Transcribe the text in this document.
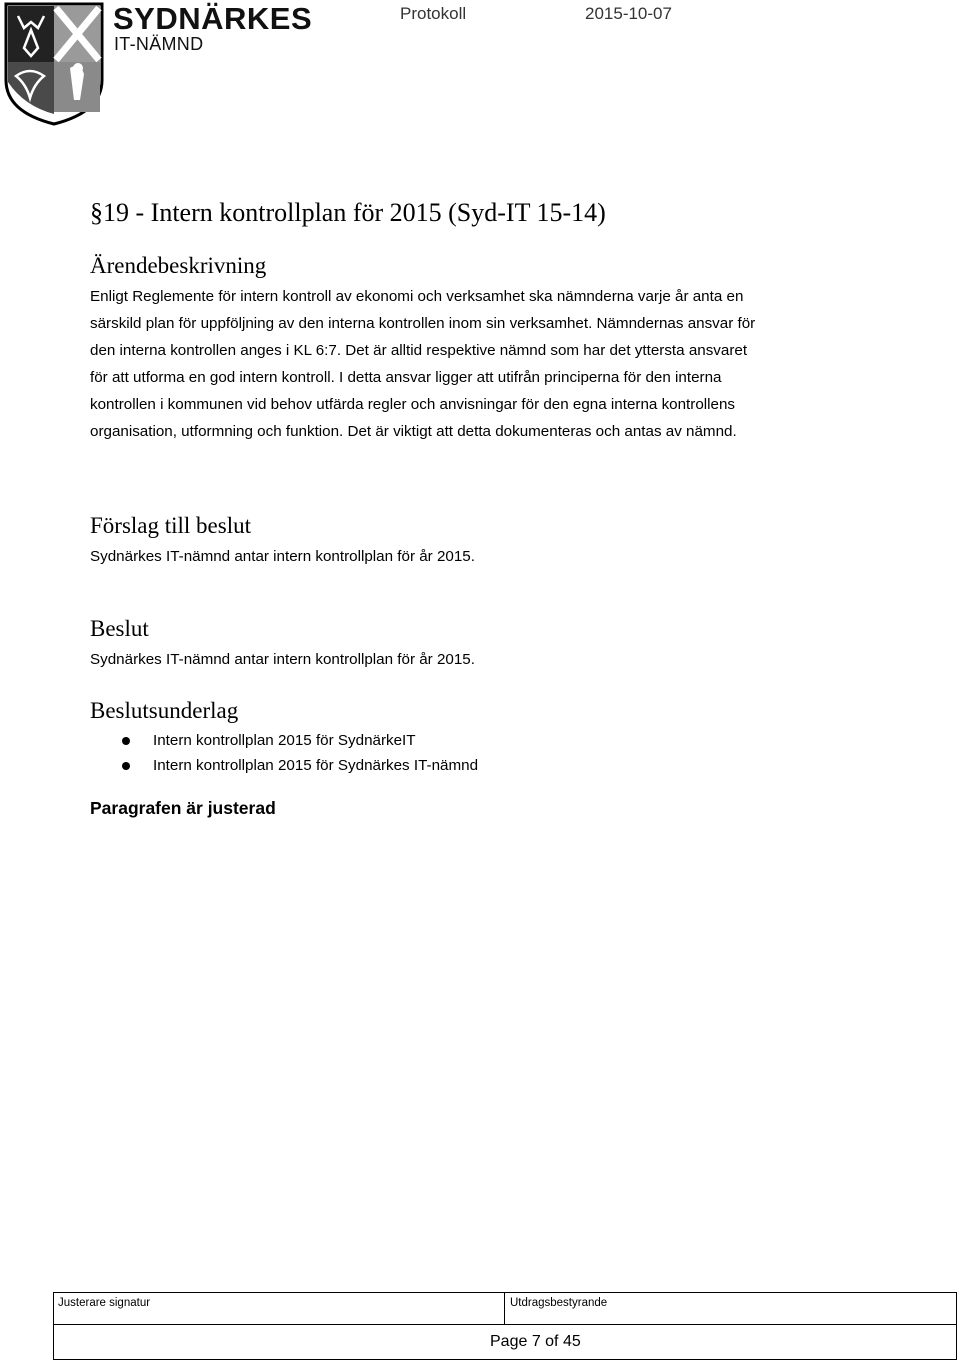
SYDNÄRKES
IT-NÄMND
Protokoll	2015-10-07
§19 - Intern kontrollplan för 2015 (Syd-IT 15-14)
Ärendebeskrivning

Enligt Reglemente för intern kontroll av ekonomi och verksamhet ska nämnderna varje år anta en
särskild plan för uppföljning av den interna kontrollen inom sin verksamhet. Nämndernas ansvar för
den interna kontrollen anges i KL 6:7. Det är alltid respektive nämnd som har det yttersta ansvaret
för att utforma en god intern kontroll. I detta ansvar ligger att utifrån principerna för den interna
kontrollen i kommunen vid behov utfärda regler och anvisningar för den egna interna kontrollens
organisation, utformning och funktion. Det är viktigt att detta dokumenteras och antas av nämnd.

Förslag till beslut

Sydnärkes IT-nämnd antar intern kontrollplan för år 2015.

Beslut

Sydnärkes IT-nämnd antar intern kontrollplan för år 2015.

Beslutsunderlag
Intern kontrollplan 2015 för SydnärkeIT
Intern kontrollplan 2015 för Sydnärkes IT-nämnd
Paragrafen är justerad
Justerare signatur	Utdragsbestyrande
Page 7 of 45
